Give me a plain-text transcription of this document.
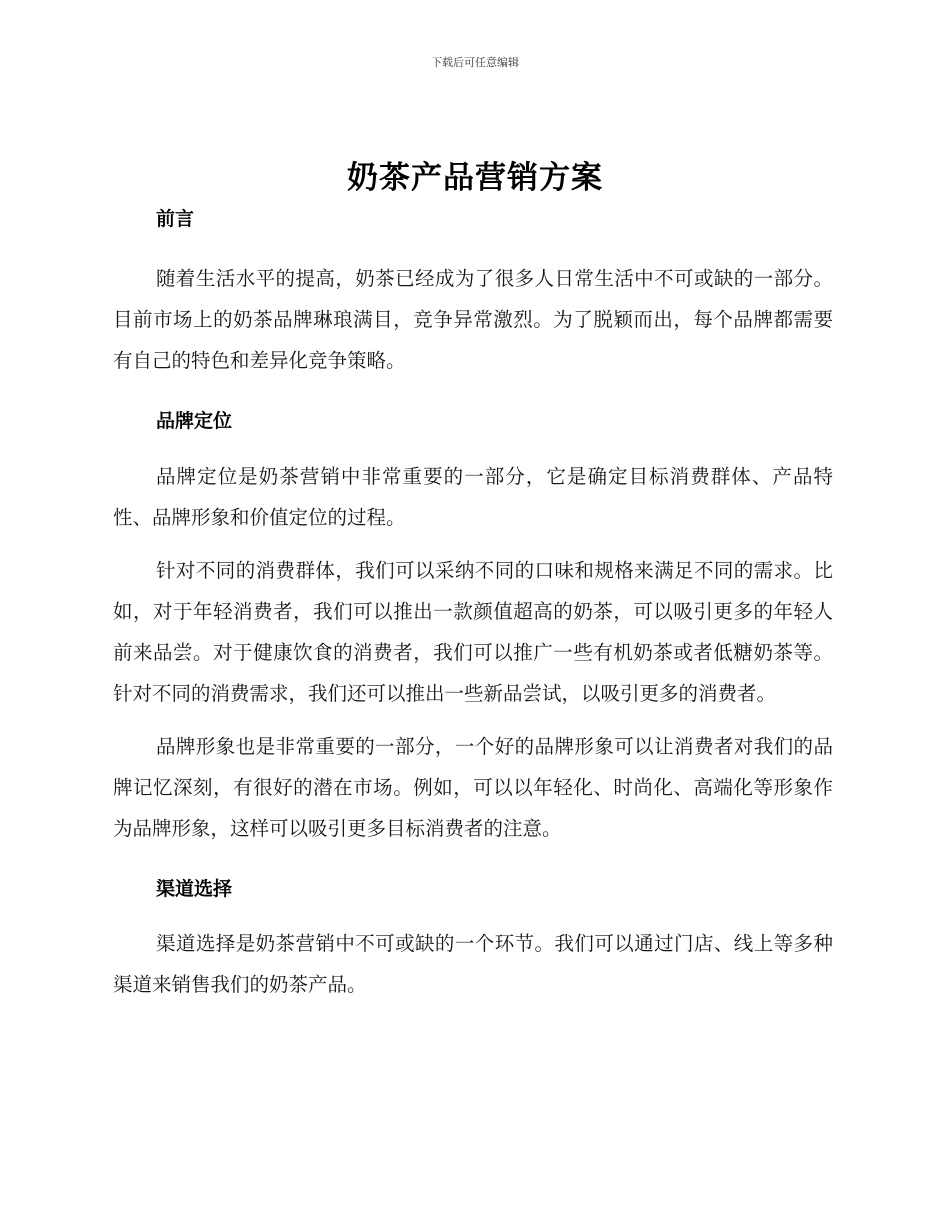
下载后可任意编辑
奶茶产品营销方案
前言

随着生活水平的提高，奶茶已经成为了很多人日常生活中不可或缺的一部分。目前市场上的奶茶品牌琳琅满目，竞争异常激烈。为了脱颖而出，每个品牌都需要有自己的特色和差异化竞争策略。

品牌定位

品牌定位是奶茶营销中非常重要的一部分，它是确定目标消费群体、产品特性、品牌形象和价值定位的过程。

针对不同的消费群体，我们可以采纳不同的口味和规格来满足不同的需求。比如，对于年轻消费者，我们可以推出一款颜值超高的奶茶，可以吸引更多的年轻人前来品尝。对于健康饮食的消费者，我们可以推广一些有机奶茶或者低糖奶茶等。针对不同的消费需求，我们还可以推出一些新品尝试，以吸引更多的消费者。

品牌形象也是非常重要的一部分，一个好的品牌形象可以让消费者对我们的品牌记忆深刻，有很好的潜在市场。例如，可以以年轻化、时尚化、高端化等形象作为品牌形象，这样可以吸引更多目标消费者的注意。

渠道选择

渠道选择是奶茶营销中不可或缺的一个环节。我们可以通过门店、线上等多种渠道来销售我们的奶茶产品。
